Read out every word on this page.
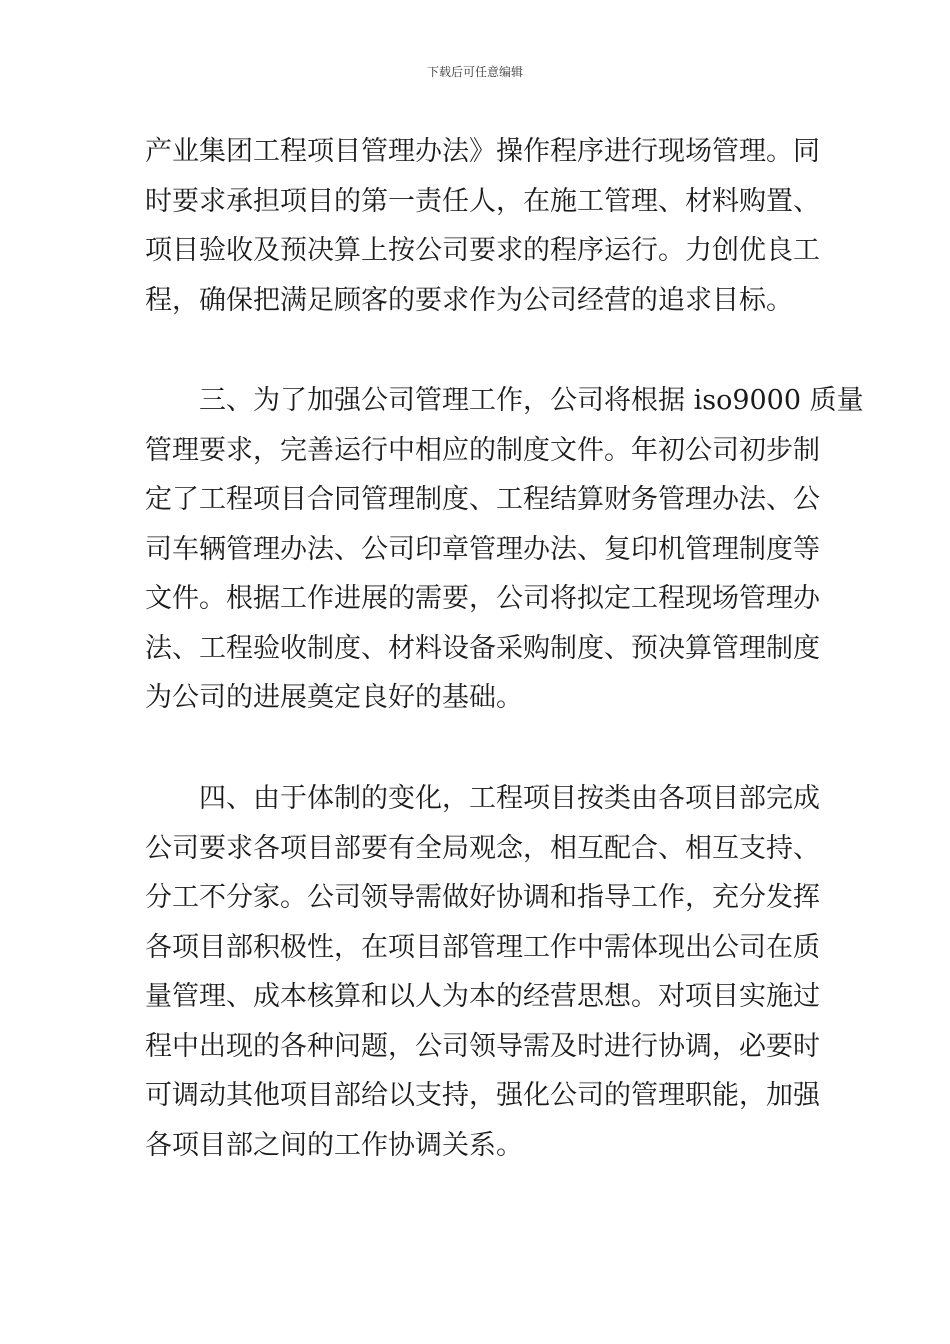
下载后可任意编辑
产业集团工程项目管理办法》操作程序进行现场管理。同
时要求承担项目的第一责任人，在施工管理、材料购置、
项目验收及预决算上按公司要求的程序运行。力创优良工
程，确保把满足顾客的要求作为公司经营的追求目标。
三、为了加强公司管理工作，公司将根据 iso9000 质量
管理要求，完善运行中相应的制度文件。年初公司初步制
定了工程项目合同管理制度、工程结算财务管理办法、公
司车辆管理办法、公司印章管理办法、复印机管理制度等
文件。根据工作进展的需要，公司将拟定工程现场管理办
法、工程验收制度、材料设备采购制度、预决算管理制度
为公司的进展奠定良好的基础。
四、由于体制的变化，工程项目按类由各项目部完成
公司要求各项目部要有全局观念，相互配合、相互支持、
分工不分家。公司领导需做好协调和指导工作，充分发挥
各项目部积极性，在项目部管理工作中需体现出公司在质
量管理、成本核算和以人为本的经营思想。对项目实施过
程中出现的各种问题，公司领导需及时进行协调，必要时
可调动其他项目部给以支持，强化公司的管理职能，加强
各项目部之间的工作协调关系。
